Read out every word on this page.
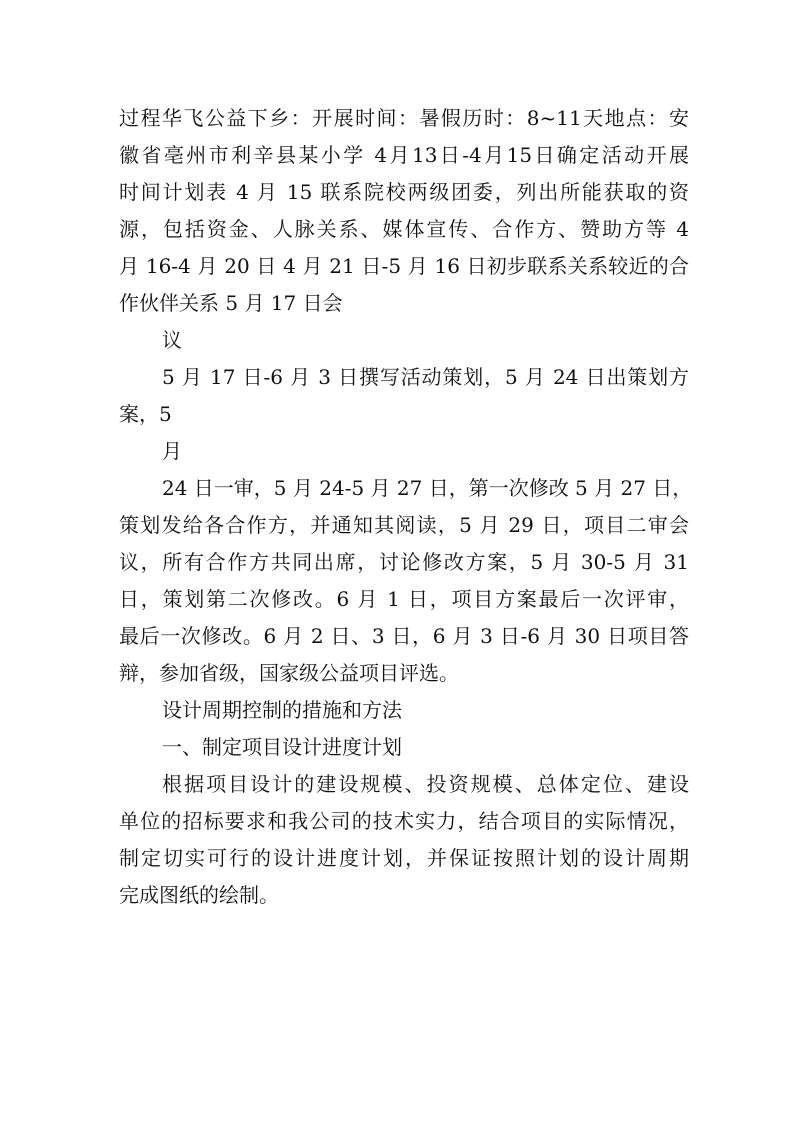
过程华飞公益下乡：开展时间：暑假历时：8~11天地点：安
徽省亳州市利辛县某小学 4月13日-4月15日确定活动开展
时间计划表 4 月 15 联系院校两级团委，列出所能获取的资
源，包括资金、人脉关系、媒体宣传、合作方、赞助方等 4
月 16-4 月 20 日 4 月 21 日-5 月 16 日初步联系关系较近的合
作伙伴关系 5 月 17 日会
议
5 月 17 日-6 月 3 日撰写活动策划，5 月 24 日出策划方
案，5
月
24 日一审，5 月 24-5 月 27 日，第一次修改 5 月 27 日，
策划发给各合作方，并通知其阅读，5 月 29 日，项目二审会
议，所有合作方共同出席，讨论修改方案，5 月 30-5 月 31
日，策划第二次修改。6 月 1 日，项目方案最后一次评审，
最后一次修改。6 月 2 日、3 日，6 月 3 日-6 月 30 日项目答
辩，参加省级，国家级公益项目评选。
设计周期控制的措施和方法
一、制定项目设计进度计划
根据项目设计的建设规模、投资规模、总体定位、建设
单位的招标要求和我公司的技术实力，结合项目的实际情况，
制定切实可行的设计进度计划，并保证按照计划的设计周期
完成图纸的绘制。
